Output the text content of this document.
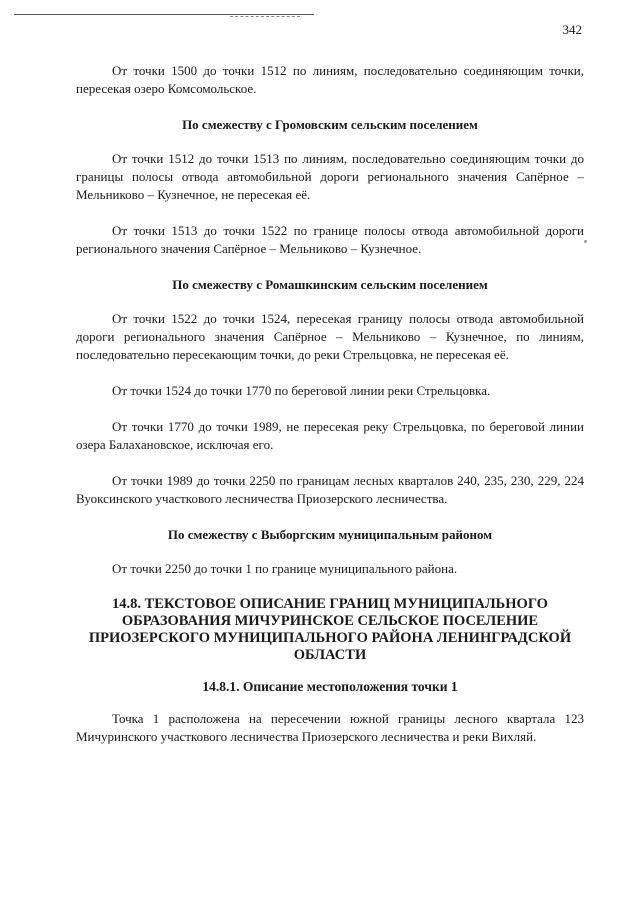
342

От точки 1500 до точки 1512 по линиям, последовательно соединяющим точки, пересекая озеро Комсомольское.

По смежеству с Громовским сельским поселением

От точки 1512 до точки 1513 по линиям, последовательно соединяющим точки до границы полосы отвода автомобильной дороги регионального значения Сапёрное – Мельниково – Кузнечное, не пересекая её.

От точки 1513 до точки 1522 по границе полосы отвода автомобильной дороги регионального значения Сапёрное – Мельниково – Кузнечное.

По смежеству с Ромашкинским сельским поселением

От точки 1522 до точки 1524, пересекая границу полосы отвода автомобильной дороги регионального значения Сапёрное – Мельниково – Кузнечное, по линиям, последовательно пересекающим точки, до реки Стрельцовка, не пересекая её.

От точки 1524 до точки 1770 по береговой линии реки Стрельцовка.

От точки 1770 до точки 1989, не пересекая реку Стрельцовка, по береговой линии озера Балахановское, исключая его.

От точки 1989 до точки 2250 по границам лесных кварталов 240, 235, 230, 229, 224 Вуоксинского участкового лесничества Приозерского лесничества.

По смежеству с Выборгским муниципальным районом

От точки 2250 до точки 1 по границе муниципального района.

14.8. ТЕКСТОВОЕ ОПИСАНИЕ ГРАНИЦ МУНИЦИПАЛЬНОГО ОБРАЗОВАНИЯ МИЧУРИНСКОЕ СЕЛЬСКОЕ ПОСЕЛЕНИЕ ПРИОЗЕРСКОГО МУНИЦИПАЛЬНОГО РАЙОНА ЛЕНИНГРАДСКОЙ ОБЛАСТИ
14.8.1. Описание местоположения точки 1

Точка 1 расположена на пересечении южной границы лесного квартала 123 Мичуринского участкового лесничества Приозерского лесничества и реки Вихляй.
